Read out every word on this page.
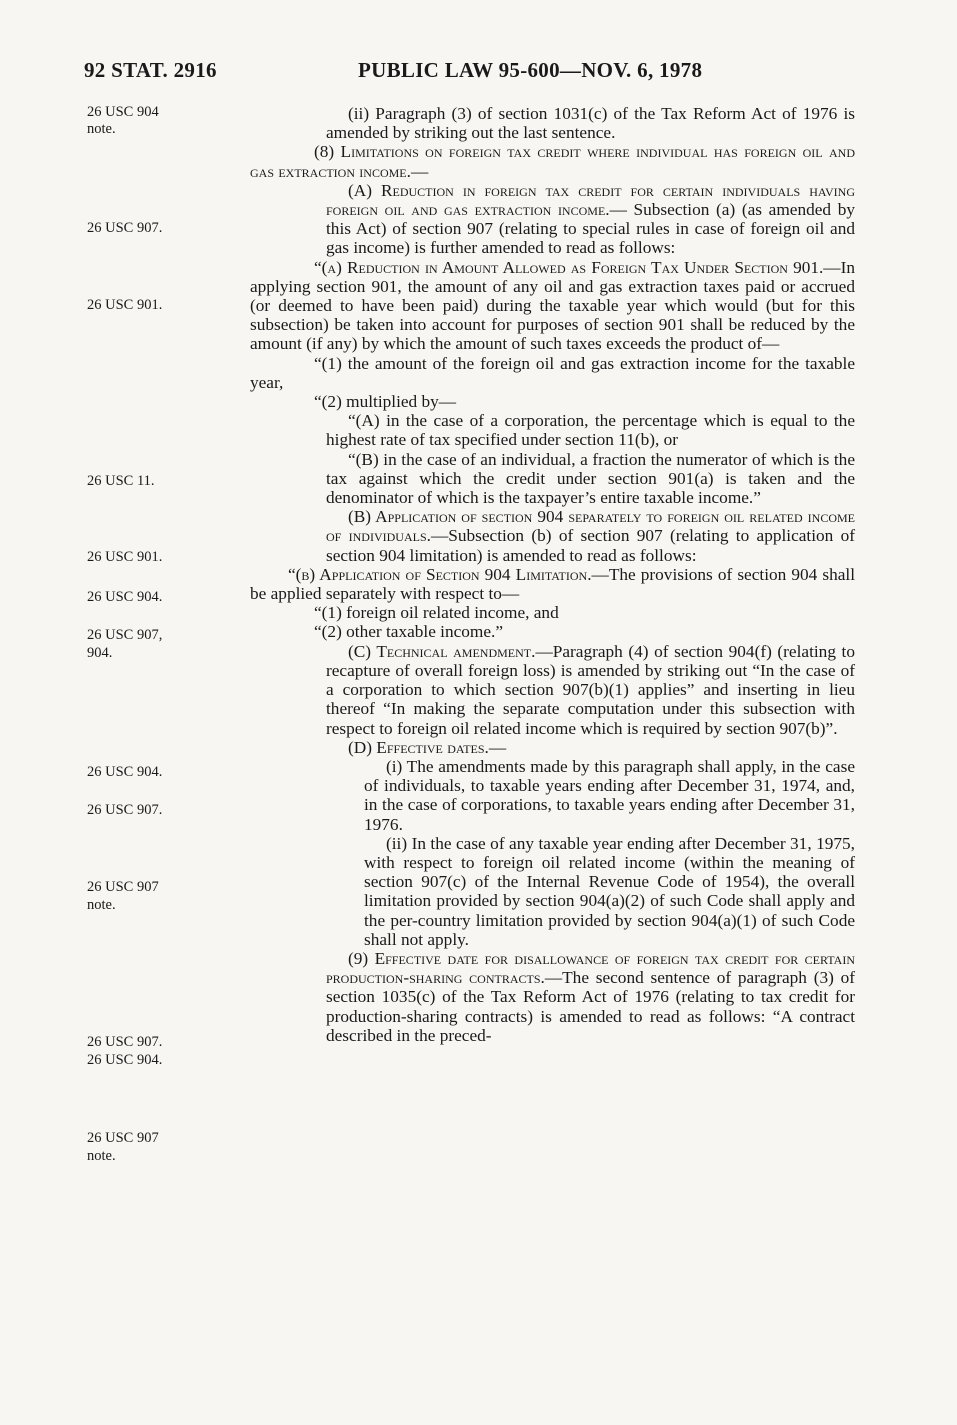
92 STAT. 2916	PUBLIC LAW 95-600—NOV. 6, 1978
26 USC 904
note.
26 USC 907.
26 USC 901.
26 USC 11.
26 USC 901.
26 USC 904.
26 USC 907,
904.
26 USC 904.
26 USC 907.
26 USC 907
note.
26 USC 907.
26 USC 904.
26 USC 907
note.

(ii) Paragraph (3) of section 1031(c) of the Tax Reform Act of 1976 is amended by striking out the last sentence.

(8) Limitations on foreign tax credit where individual has foreign oil and gas extraction income.—

(A) Reduction in foreign tax credit for certain individuals having foreign oil and gas extraction income.— Subsection (a) (as amended by this Act) of section 907 (relating to special rules in case of foreign oil and gas income) is further amended to read as follows:

“(a) Reduction in Amount Allowed as Foreign Tax Under Section 901.—In applying section 901, the amount of any oil and gas extraction taxes paid or accrued (or deemed to have been paid) during the taxable year which would (but for this subsection) be taken into account for purposes of section 901 shall be reduced by the amount (if any) by which the amount of such taxes exceeds the product of—

“(1) the amount of the foreign oil and gas extraction income for the taxable year,

“(2) multiplied by—

“(A) in the case of a corporation, the percentage which is equal to the highest rate of tax specified under section 11(b), or

“(B) in the case of an individual, a fraction the numerator of which is the tax against which the credit under section 901(a) is taken and the denominator of which is the taxpayer’s entire taxable income.”

(B) Application of section 904 separately to foreign oil related income of individuals.—Subsection (b) of section 907 (relating to application of section 904 limitation) is amended to read as follows:

“(b) Application of Section 904 Limitation.—The provisions of section 904 shall be applied separately with respect to—

“(1) foreign oil related income, and

“(2) other taxable income.”

(C) Technical amendment.—Paragraph (4) of section 904(f) (relating to recapture of overall foreign loss) is amended by striking out “In the case of a corporation to which section 907(b)(1) applies” and inserting in lieu thereof “In making the separate computation under this subsection with respect to foreign oil related income which is required by section 907(b)”.

(D) Effective dates.—

(i) The amendments made by this paragraph shall apply, in the case of individuals, to taxable years ending after December 31, 1974, and, in the case of corporations, to taxable years ending after December 31, 1976.

(ii) In the case of any taxable year ending after December 31, 1975, with respect to foreign oil related income (within the meaning of section 907(c) of the Internal Revenue Code of 1954), the overall limitation provided by section 904(a)(2) of such Code shall apply and the per-country limitation provided by section 904(a)(1) of such Code shall not apply.

(9) Effective date for disallowance of foreign tax credit for certain production-sharing contracts.—The second sentence of paragraph (3) of section 1035(c) of the Tax Reform Act of 1976 (relating to tax credit for production-sharing contracts) is amended to read as follows: “A contract described in the preced-
